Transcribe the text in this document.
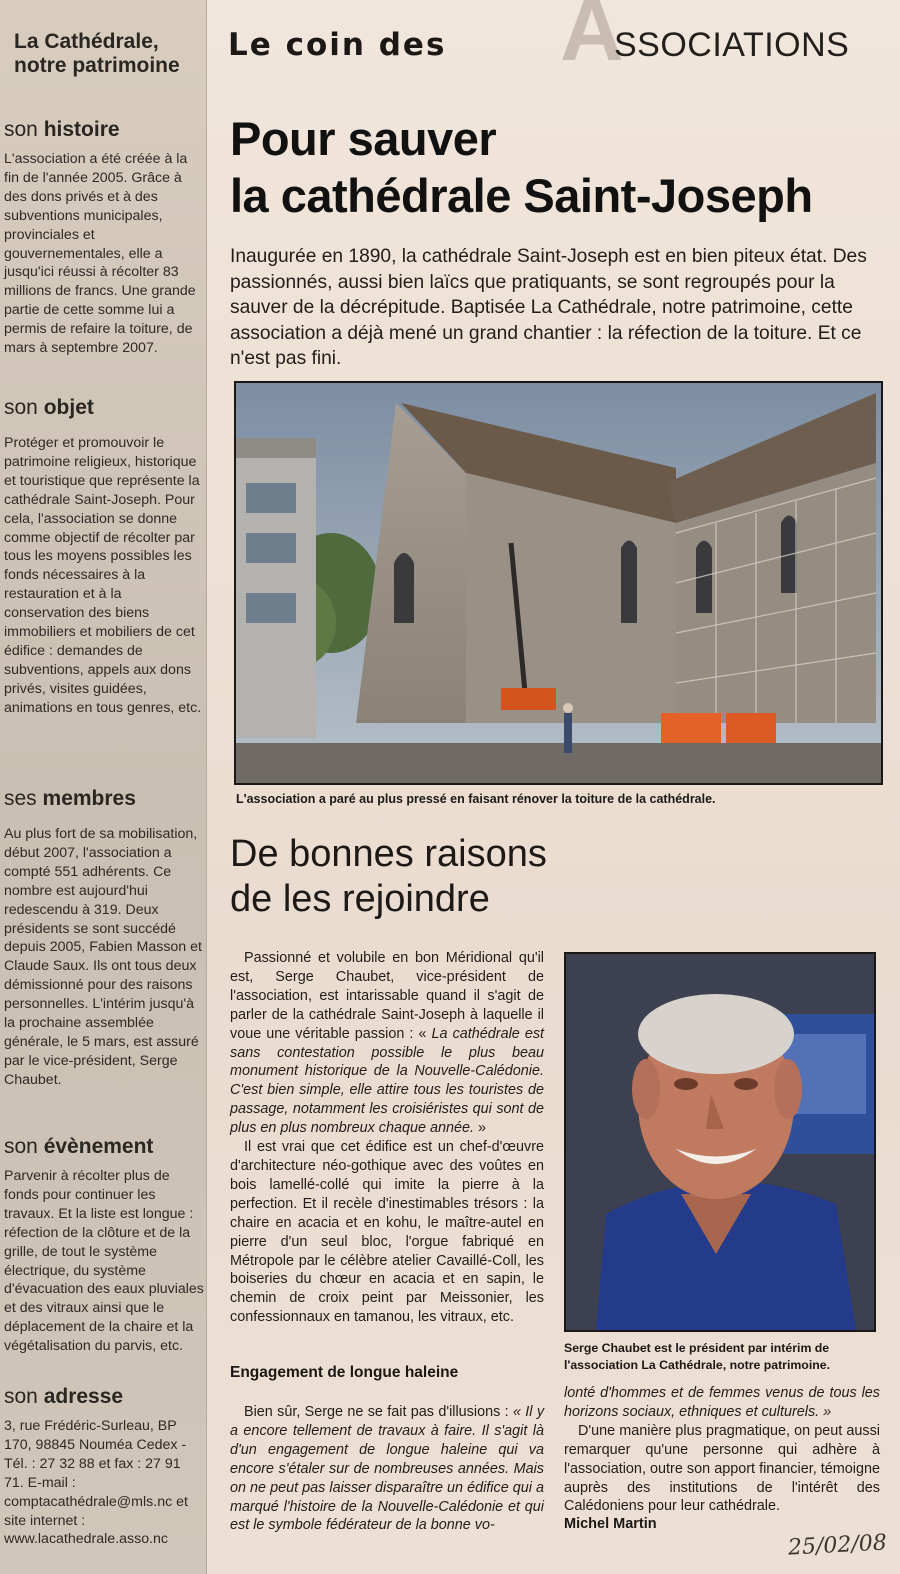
La Cathédrale, notre patrimoine
son histoire
L'association a été créée à la fin de l'année 2005. Grâce à des dons privés et à des subventions municipales, provinciales et gouvernementales, elle a jusqu'ici réussi à récolter 83 millions de francs. Une grande partie de cette somme lui a permis de refaire la toiture, de mars à septembre 2007.
son objet
Protéger et promouvoir le patrimoine religieux, historique et touristique que représente la cathédrale Saint-Joseph. Pour cela, l'association se donne comme objectif de récolter par tous les moyens possibles les fonds nécessaires à la restauration et à la conservation des biens immobiliers et mobiliers de cet édifice : demandes de subventions, appels aux dons privés, visites guidées, animations en tous genres, etc.
ses membres
Au plus fort de sa mobilisation, début 2007, l'association a compté 551 adhérents. Ce nombre est aujourd'hui redescendu à 319. Deux présidents se sont succédé depuis 2005, Fabien Masson et Claude Saux. Ils ont tous deux démissionné pour des raisons personnelles. L'intérim jusqu'à la prochaine assemblée générale, le 5 mars, est assuré par le vice-président, Serge Chaubet.
son évènement
Parvenir à récolter plus de fonds pour continuer les travaux. Et la liste est longue : réfection de la clôture et de la grille, de tout le système électrique, du système d'évacuation des eaux pluviales et des vitraux ainsi que le déplacement de la chaire et la végétalisation du parvis, etc.
son adresse
3, rue Frédéric-Surleau, BP 170, 98845 Nouméa Cedex - Tél. : 27 32 88 et fax : 27 91 71. E-mail : comptacathédrale@mls.nc et site internet : www.lacathedrale.asso.nc
A
Le coin des	SSOCIATIONS
Pour sauver
la cathédrale Saint-Joseph
Inaugurée en 1890, la cathédrale Saint-Joseph est en bien piteux état. Des passionnés, aussi bien laïcs que pratiquants, se sont regroupés pour la sauver de la décrépitude. Baptisée La Cathédrale, notre patrimoine, cette association a déjà mené un grand chantier : la réfection de la toiture. Et ce n'est pas fini.
L'association a paré au plus pressé en faisant rénover la toiture de la cathédrale.
De bonnes raisons
de les rejoindre

Passionné et volubile en bon Méridional qu'il est, Serge Chaubet, vice-président de l'association, est intarissable quand il s'agit de parler de la cathédrale Saint-Joseph à laquelle il voue une véritable passion : « La cathédrale est sans contestation possible le plus beau monument historique de la Nouvelle-Calédonie. C'est bien simple, elle attire tous les touristes de passage, notamment les croisiéristes qui sont de plus en plus nombreux chaque année. »

Il est vrai que cet édifice est un chef-d'œuvre d'architecture néo-gothique avec des voûtes en bois lamellé-collé qui imite la pierre à la perfection. Et il recèle d'inestimables trésors : la chaire en acacia et en kohu, le maître-autel en pierre d'un seul bloc, l'orgue fabriqué en Métropole par le célèbre atelier Cavaillé-Coll, les boiseries du chœur en acacia et en sapin, le chemin de croix peint par Meissonier, les confessionnaux en tamanou, les vitraux, etc.

Engagement de longue haleine

Bien sûr, Serge ne se fait pas d'illusions : « Il y a encore tellement de travaux à faire. Il s'agit là d'un engagement de longue haleine qui va encore s'étaler sur de nombreuses années. Mais on ne peut pas laisser disparaître un édifice qui a marqué l'histoire de la Nouvelle-Calédonie et qui est le symbole fédérateur de la bonne vo-

Serge Chaubet est le président par intérim de l'association La Cathédrale, notre patrimoine.

lonté d'hommes et de femmes venus de tous les horizons sociaux, ethniques et culturels. »

D'une manière plus pragmatique, on peut aussi remarquer qu'une personne qui adhère à l'association, outre son apport financier, témoigne auprès des institutions de l'intérêt des Calédoniens pour leur cathédrale.

Michel Martin
25/02/08
